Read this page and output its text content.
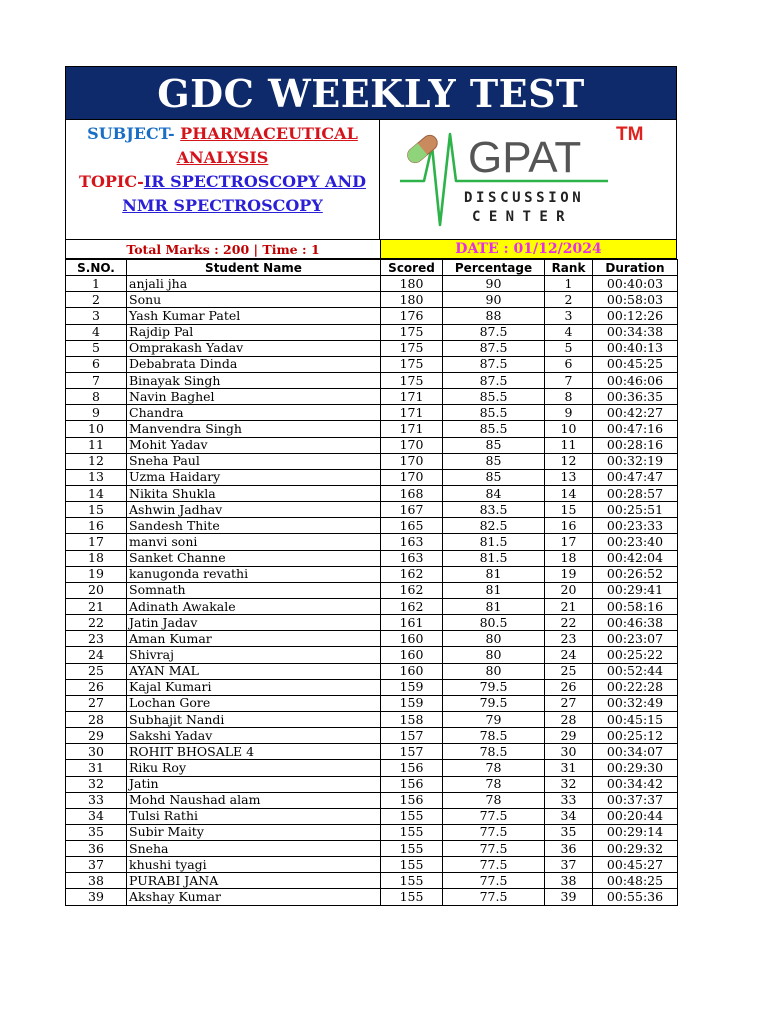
GDC WEEKLY TEST
SUBJECT- PHARMACEUTICAL
ANALYSIS
TOPIC-IR SPECTROSCOPY AND
NMR SPECTROSCOPY
GPAT TM
DISCUSSION
CENTER
Total Marks : 200 | Time : 1	DATE : 01/12/2024
S.NO.	Student Name	Scored	Percentage	Rank	Duration
1	anjali jha	180	90	1	00:40:03
2	Sonu	180	90	2	00:58:03
3	Yash Kumar Patel	176	88	3	00:12:26
4	Rajdip Pal	175	87.5	4	00:34:38
5	Omprakash Yadav	175	87.5	5	00:40:13
6	Debabrata Dinda	175	87.5	6	00:45:25
7	Binayak Singh	175	87.5	7	00:46:06
8	Navin Baghel	171	85.5	8	00:36:35
9	Chandra	171	85.5	9	00:42:27
10	Manvendra Singh	171	85.5	10	00:47:16
11	Mohit Yadav	170	85	11	00:28:16
12	Sneha Paul	170	85	12	00:32:19
13	Uzma Haidary	170	85	13	00:47:47
14	Nikita Shukla	168	84	14	00:28:57
15	Ashwin Jadhav	167	83.5	15	00:25:51
16	Sandesh Thite	165	82.5	16	00:23:33
17	manvi soni	163	81.5	17	00:23:40
18	Sanket Channe	163	81.5	18	00:42:04
19	kanugonda revathi	162	81	19	00:26:52
20	Somnath	162	81	20	00:29:41
21	Adinath Awakale	162	81	21	00:58:16
22	Jatin Jadav	161	80.5	22	00:46:38
23	Aman Kumar	160	80	23	00:23:07
24	Shivraj	160	80	24	00:25:22
25	AYAN MAL	160	80	25	00:52:44
26	Kajal Kumari	159	79.5	26	00:22:28
27	Lochan Gore	159	79.5	27	00:32:49
28	Subhajit Nandi	158	79	28	00:45:15
29	Sakshi Yadav	157	78.5	29	00:25:12
30	ROHIT BHOSALE 4	157	78.5	30	00:34:07
31	Riku Roy	156	78	31	00:29:30
32	Jatin	156	78	32	00:34:42
33	Mohd Naushad alam	156	78	33	00:37:37
34	Tulsi Rathi	155	77.5	34	00:20:44
35	Subir Maity	155	77.5	35	00:29:14
36	Sneha	155	77.5	36	00:29:32
37	khushi tyagi	155	77.5	37	00:45:27
38	PURABI JANA	155	77.5	38	00:48:25
39	Akshay Kumar	155	77.5	39	00:55:36
